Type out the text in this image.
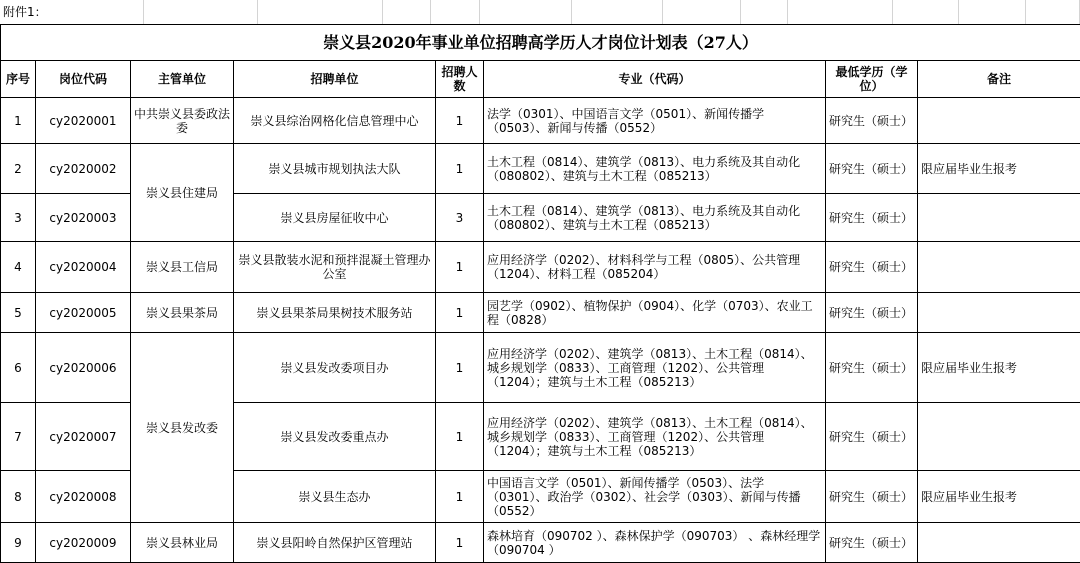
附件1：												
崇义县2020年事业单位招聘高学历人才岗位计划表（27人）							
序号	岗位代码	主管单位	招聘单位	招聘人数	专业（代码）	最低学历（学位）	备注
1	cy2020001	中共崇义县委政法委	崇义县综治网格化信息管理中心	1	法学（0301）、中国语言文学（0501）、新闻传播学（0503）、新闻与传播（0552）	研究生（硕士）	
2	cy2020002	崇义县住建局	崇义县城市规划执法大队	1	土木工程（0814）、建筑学（0813）、电力系统及其自动化（080802）、建筑与土木工程（085213）	研究生（硕士）	限应届毕业生报考
3	cy2020003		崇义县房屋征收中心	3	土木工程（0814）、建筑学（0813）、电力系统及其自动化（080802）、建筑与土木工程（085213）	研究生（硕士）	
4	cy2020004	崇义县工信局	崇义县散装水泥和预拌混凝土管理办公室	1	应用经济学（0202）、材料科学与工程（0805）、公共管理（1204）、材料工程（085204）	研究生（硕士）	
5	cy2020005	崇义县果茶局	崇义县果茶局果树技术服务站	1	园艺学（0902）、植物保护（0904）、化学（0703）、农业工程（0828）	研究生（硕士）	
6	cy2020006	崇义县发改委	崇义县发改委项目办	1	应用经济学（0202）、建筑学（0813）、土木工程（0814）、城乡规划学（0833）、工商管理（1202）、公共管理（1204）；建筑与土木工程（085213）	研究生（硕士）	限应届毕业生报考
7	cy2020007		崇义县发改委重点办	1	应用经济学（0202）、建筑学（0813）、土木工程（0814）、城乡规划学（0833）、工商管理（1202）、公共管理（1204）；建筑与土木工程（085213）	研究生（硕士）	
8	cy2020008		崇义县生态办	1	中国语言文学（0501）、新闻传播学（0503）、法学（0301）、政治学（0302）、社会学（0303）、新闻与传播（0552）	研究生（硕士）	限应届毕业生报考
9	cy2020009	崇义县林业局	崇义县阳岭自然保护区管理站	1	森林培育（090702 ）、森林保护学（090703） 、森林经理学（090704 ）	研究生（硕士）	
